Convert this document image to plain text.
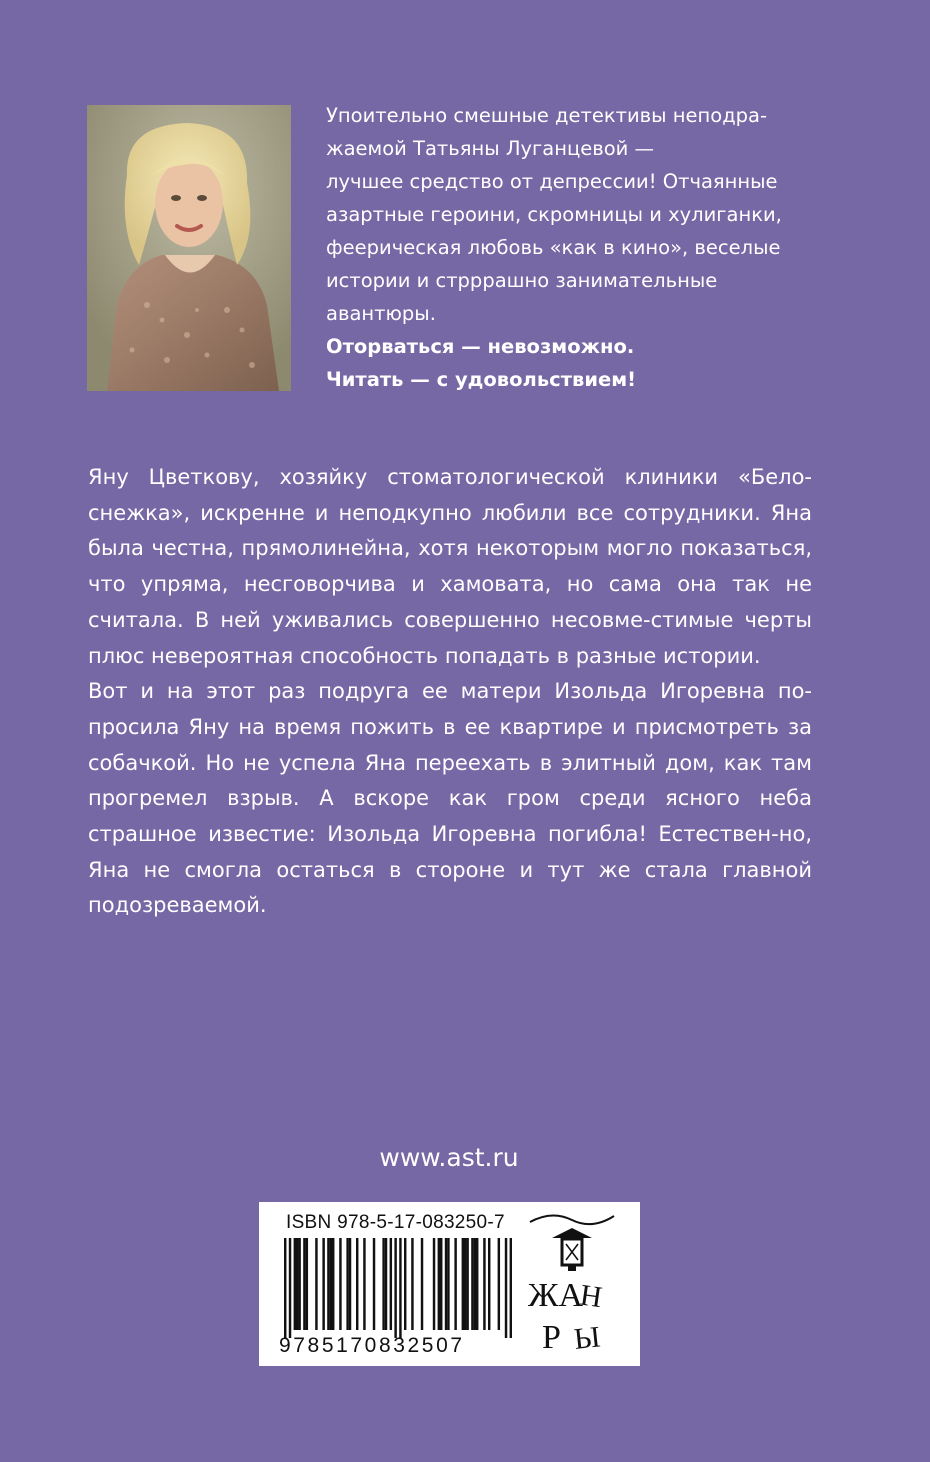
Упоительно смешные детективы неподра-
жаемой Татьяны Луганцевой —
лучшее средство от депрессии! Отчаянные
азартные героини, скромницы и хулиганки,
феерическая любовь «как в кино», веселые
истории и стрррашно занимательные
авантюры.
Оторваться — невозможно.
Читать — с удовольствием!

Яну Цветкову, хозяйку стоматологической клиники «Бело-снежка», искренне и неподкупно любили все сотрудники. Яна была честна, прямолинейна, хотя некоторым могло показаться, что упряма, несговорчива и хамовата, но сама она так не считала. В ней уживались совершенно несовме-стимые черты плюс невероятная способность попадать в разные истории.

Вот и на этот раз подруга ее матери Изольда Игоревна по-просила Яну на время пожить в ее квартире и присмотреть за собачкой. Но не успела Яна переехать в элитный дом, как там прогремел взрыв. А вскоре как гром среди ясного неба страшное известие: Изольда Игоревна погибла! Естествен-но, Яна не смогла остаться в стороне и тут же стала главной подозреваемой.

www.ast.ru
ISBN 978-5-17-083250-7
9785170832507
ЖА
Н
Р Ы
